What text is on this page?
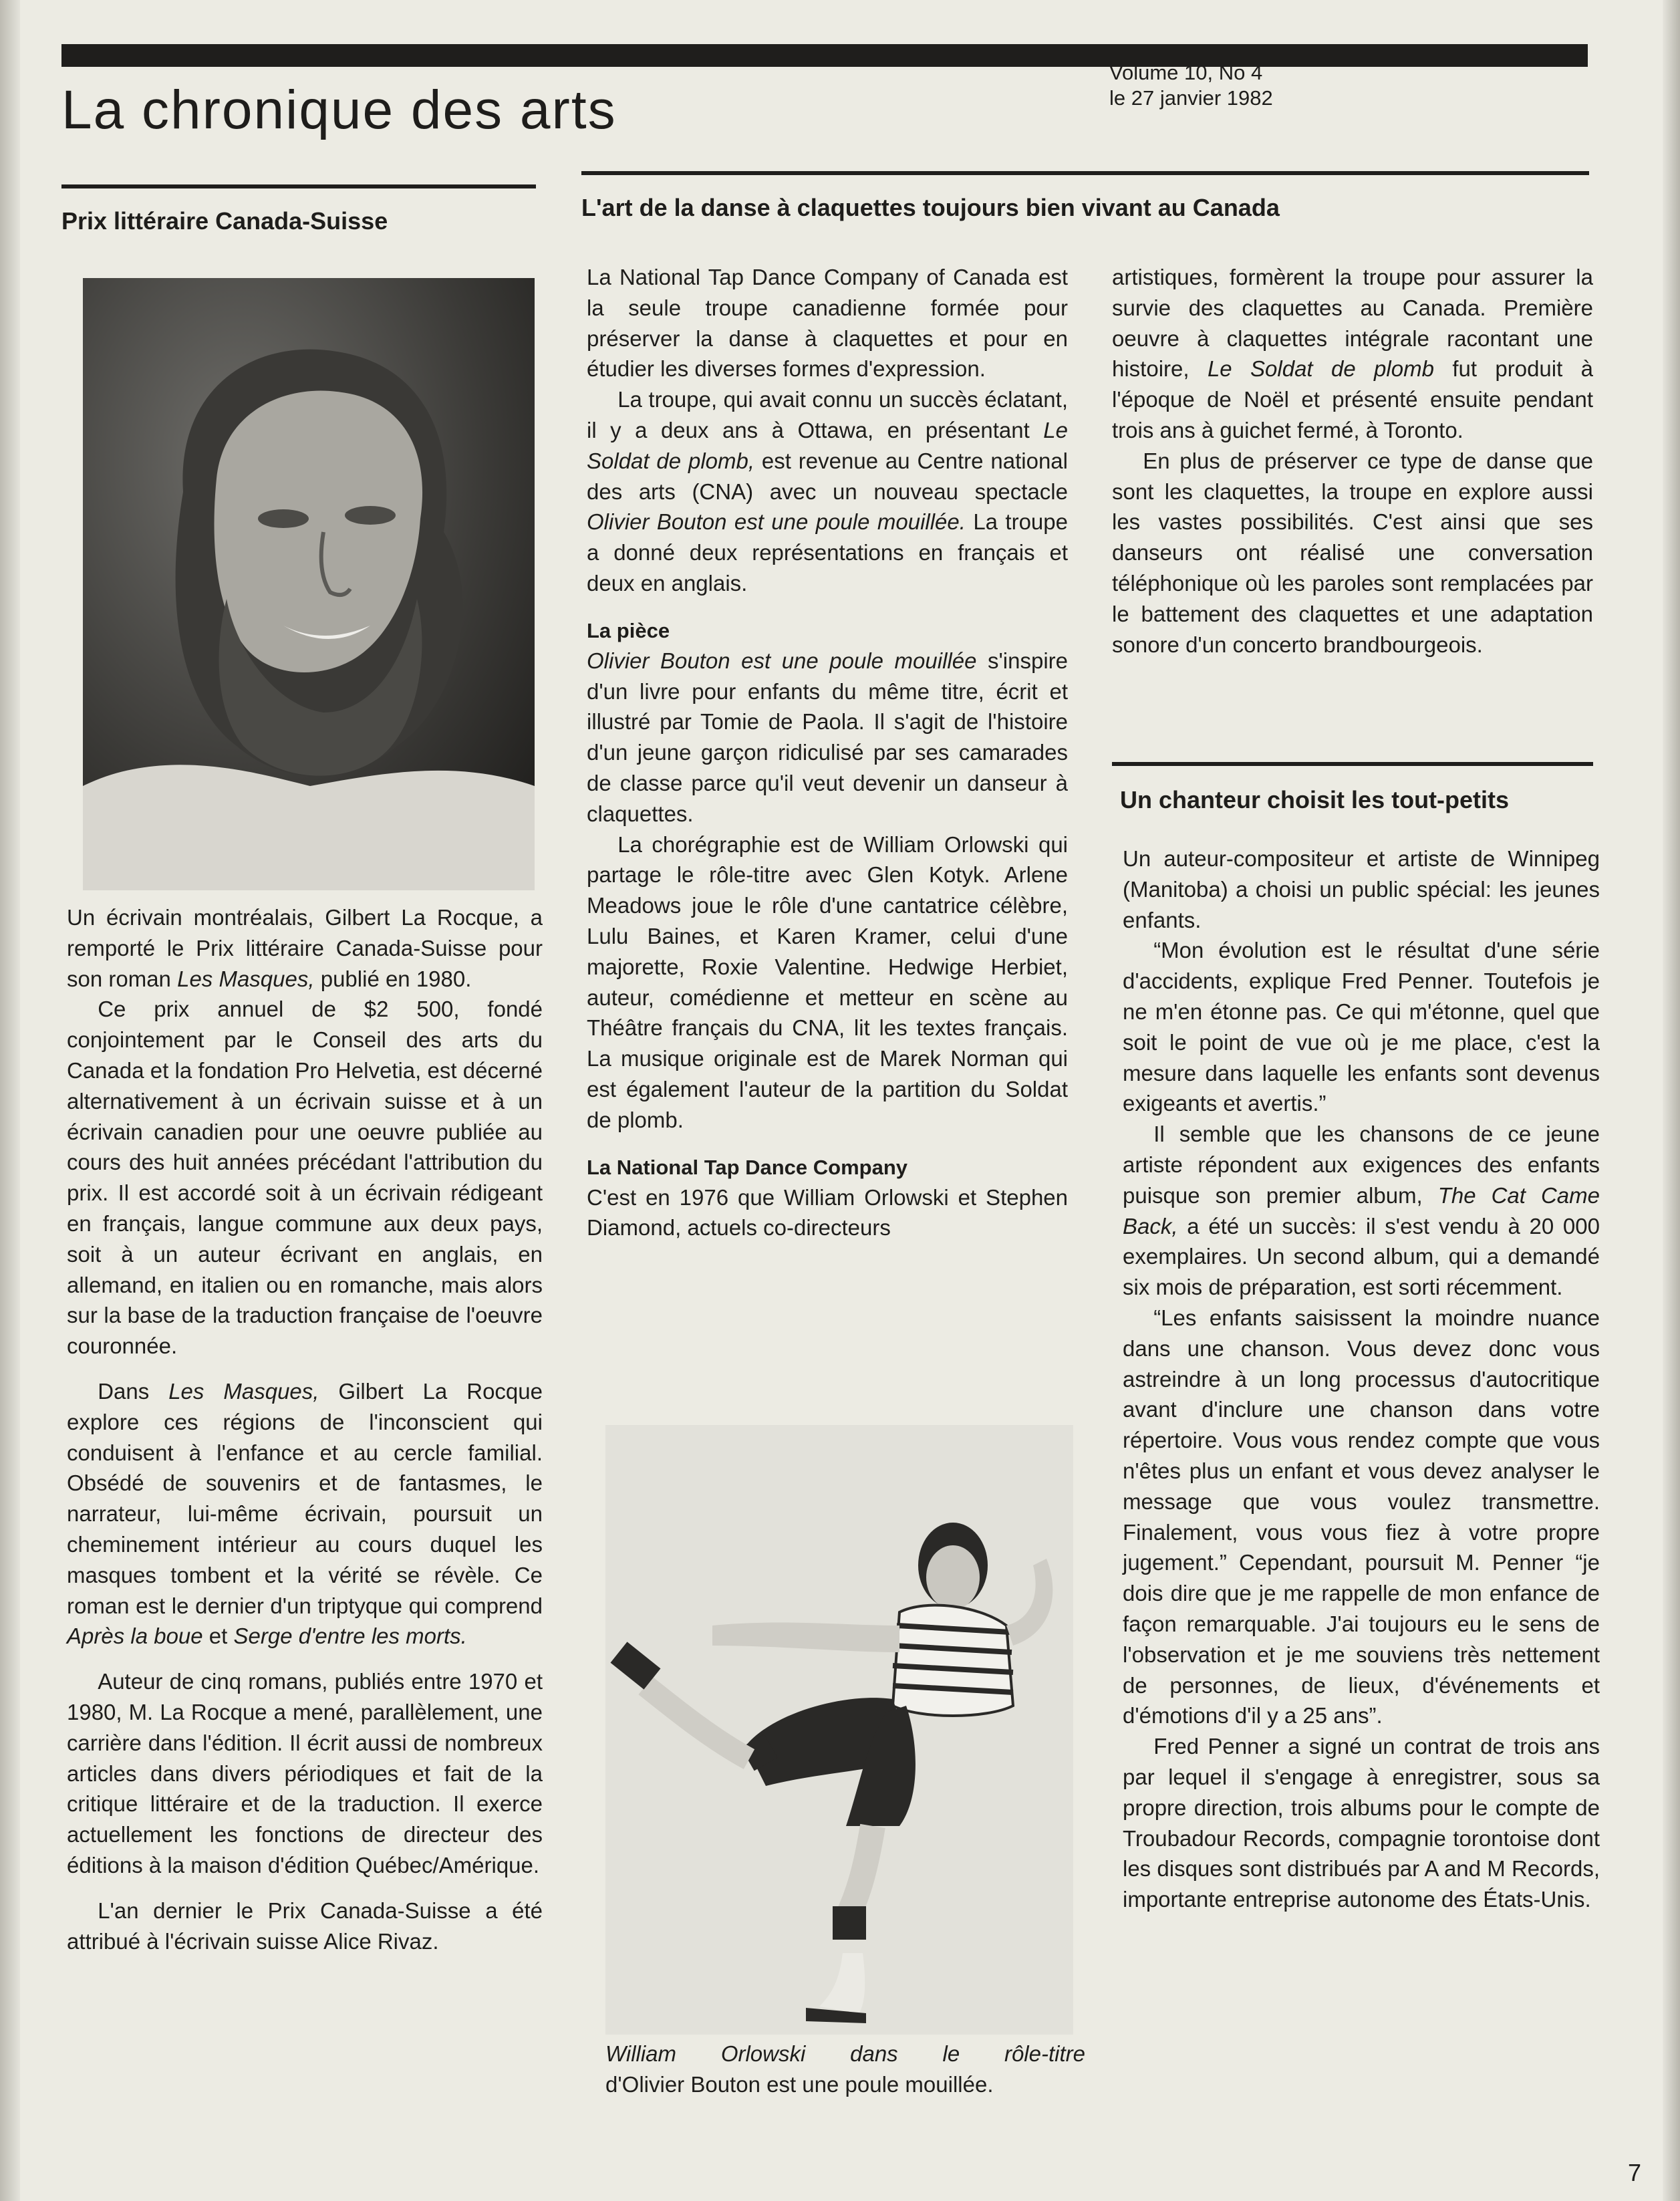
La chronique des arts
Volume 10, No 4
le 27 janvier 1982
Prix littéraire Canada-Suisse

Un écrivain montréalais, Gilbert La Rocque, a remporté le Prix littéraire Canada-Suisse pour son roman Les Masques, publié en 1980.

Ce prix annuel de $2 500, fondé conjointement par le Conseil des arts du Canada et la fondation Pro Helvetia, est décerné alternativement à un écrivain suisse et à un écrivain canadien pour une oeuvre publiée au cours des huit années précédant l'attribution du prix. Il est accordé soit à un écrivain rédigeant en français, langue commune aux deux pays, soit à un auteur écrivant en anglais, en allemand, en italien ou en romanche, mais alors sur la base de la traduction française de l'oeuvre couronnée.

Dans Les Masques, Gilbert La Rocque explore ces régions de l'inconscient qui conduisent à l'enfance et au cercle familial. Obsédé de souvenirs et de fantasmes, le narrateur, lui-même écrivain, poursuit un cheminement intérieur au cours duquel les masques tombent et la vérité se révèle. Ce roman est le dernier d'un triptyque qui comprend Après la boue et Serge d'entre les morts.

Auteur de cinq romans, publiés entre 1970 et 1980, M. La Rocque a mené, parallèlement, une carrière dans l'édition. Il écrit aussi de nombreux articles dans divers périodiques et fait de la critique littéraire et de la traduction. Il exerce actuellement les fonctions de directeur des éditions à la maison d'édition Québec/Amérique.

L'an dernier le Prix Canada-Suisse a été attribué à l'écrivain suisse Alice Rivaz.

L'art de la danse à claquettes toujours bien vivant au Canada

La National Tap Dance Company of Canada est la seule troupe canadienne formée pour préserver la danse à claquettes et pour en étudier les diverses formes d'expression.

La troupe, qui avait connu un succès éclatant, il y a deux ans à Ottawa, en présentant Le Soldat de plomb, est revenue au Centre national des arts (CNA) avec un nouveau spectacle Olivier Bouton est une poule mouillée. La troupe a donné deux représentations en français et deux en anglais.

La pièce

Olivier Bouton est une poule mouillée s'inspire d'un livre pour enfants du même titre, écrit et illustré par Tomie de Paola. Il s'agit de l'histoire d'un jeune garçon ridiculisé par ses camarades de classe parce qu'il veut devenir un danseur à claquettes.

La chorégraphie est de William Orlowski qui partage le rôle-titre avec Glen Kotyk. Arlene Meadows joue le rôle d'une cantatrice célèbre, Lulu Baines, et Karen Kramer, celui d'une majorette, Roxie Valentine. Hedwige Herbiet, auteur, comédienne et metteur en scène au Théâtre français du CNA, lit les textes français. La musique originale est de Marek Norman qui est également l'auteur de la partition du Soldat de plomb.

La National Tap Dance Company

C'est en 1976 que William Orlowski et Stephen Diamond, actuels co-directeurs

William Orlowski dans le rôle-titre
d'Olivier Bouton est une poule mouillée.

artistiques, formèrent la troupe pour assurer la survie des claquettes au Canada. Première oeuvre à claquettes intégrale racontant une histoire, Le Soldat de plomb fut produit à l'époque de Noël et présenté ensuite pendant trois ans à guichet fermé, à Toronto.

En plus de préserver ce type de danse que sont les claquettes, la troupe en explore aussi les vastes possibilités. C'est ainsi que ses danseurs ont réalisé une conversation téléphonique où les paroles sont remplacées par le battement des claquettes et une adaptation sonore d'un concerto brandbourgeois.

Un chanteur choisit les tout-petits

Un auteur-compositeur et artiste de Winnipeg (Manitoba) a choisi un public spécial: les jeunes enfants.

“Mon évolution est le résultat d'une série d'accidents, explique Fred Penner. Toutefois je ne m'en étonne pas. Ce qui m'étonne, quel que soit le point de vue où je me place, c'est la mesure dans laquelle les enfants sont devenus exigeants et avertis.”

Il semble que les chansons de ce jeune artiste répondent aux exigences des enfants puisque son premier album, The Cat Came Back, a été un succès: il s'est vendu à 20 000 exemplaires. Un second album, qui a demandé six mois de préparation, est sorti récemment.

“Les enfants saisissent la moindre nuance dans une chanson. Vous devez donc vous astreindre à un long processus d'autocritique avant d'inclure une chanson dans votre répertoire. Vous vous rendez compte que vous n'êtes plus un enfant et vous devez analyser le message que vous voulez transmettre. Finalement, vous vous fiez à votre propre jugement.” Cependant, poursuit M. Penner “je dois dire que je me rappelle de mon enfance de façon remarquable. J'ai toujours eu le sens de l'observation et je me souviens très nettement de personnes, de lieux, d'événements et d'émotions d'il y a 25 ans”.

Fred Penner a signé un contrat de trois ans par lequel il s'engage à enregistrer, sous sa propre direction, trois albums pour le compte de Troubadour Records, compagnie torontoise dont les disques sont distribués par A and M Records, importante entreprise autonome des États-Unis.

7
